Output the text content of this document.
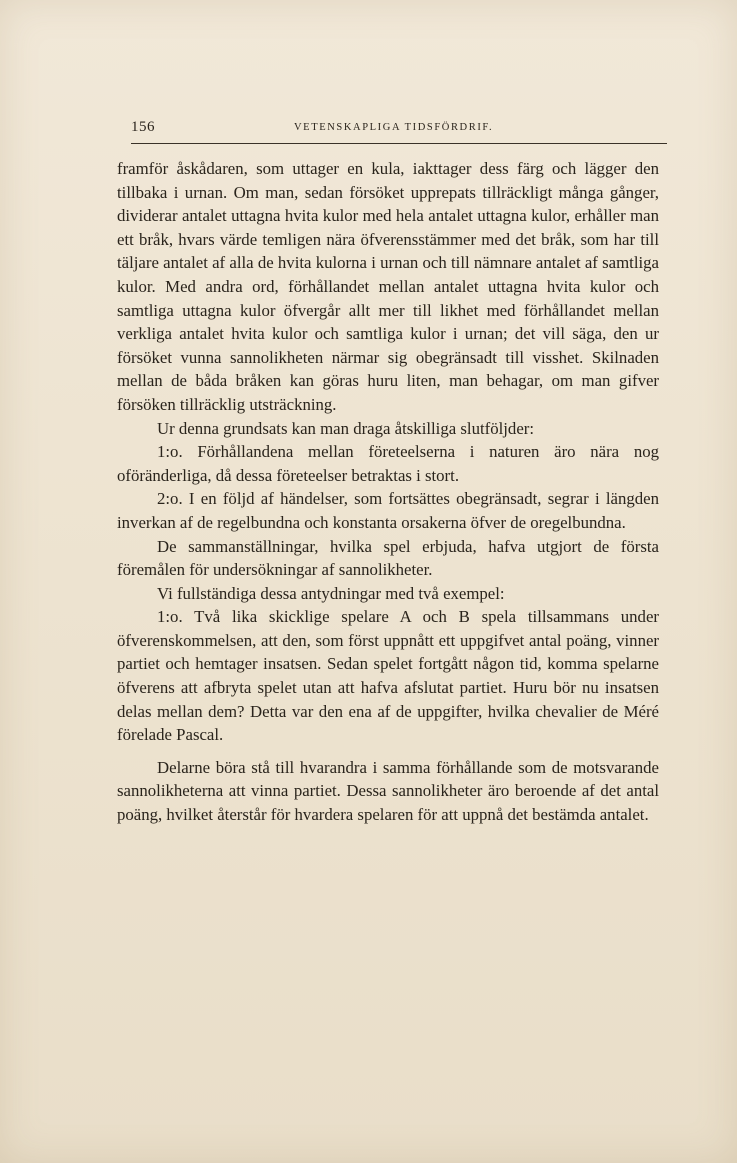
156	VETENSKAPLIGA TIDSFÖRDRIF.

framför åskådaren, som uttager en kula, iakttager dess färg och lägger den tillbaka i urnan. Om man, sedan försöket upprepats tillräckligt många gånger, dividerar antalet uttagna hvita kulor med hela antalet uttagna kulor, erhåller man ett bråk, hvars värde temligen nära öfverensstämmer med det bråk, som har till täljare antalet af alla de hvita kulorna i urnan och till nämnare antalet af samtliga kulor. Med andra ord, förhållandet mellan antalet uttagna hvita kulor och samtliga uttagna kulor öfvergår allt mer till likhet med förhållandet mellan verkliga antalet hvita kulor och samtliga kulor i urnan; det vill säga, den ur försöket vunna sannolikheten närmar sig obegränsadt till visshet. Skilnaden mellan de båda bråken kan göras huru liten, man behagar, om man gifver försöken tillräcklig utsträckning.

Ur denna grundsats kan man draga åtskilliga slutföljder:

1:o. Förhållandena mellan företeelserna i naturen äro nära nog oföränderliga, då dessa företeelser betraktas i stort.

2:o. I en följd af händelser, som fortsättes obegränsadt, segrar i längden inverkan af de regelbundna och konstanta orsakerna öfver de oregelbundna.

De sammanställningar, hvilka spel erbjuda, hafva utgjort de första föremålen för undersökningar af sannolikheter.

Vi fullständiga dessa antydningar med två exempel:

1:o. Två lika skicklige spelare A och B spela tillsammans under öfverenskommelsen, att den, som först uppnått ett uppgifvet antal poäng, vinner partiet och hemtager insatsen. Sedan spelet fortgått någon tid, komma spelarne öfverens att afbryta spelet utan att hafva afslutat partiet. Huru bör nu insatsen delas mellan dem? Detta var den ena af de uppgifter, hvilka chevalier de Méré förelade Pascal.

Delarne böra stå till hvarandra i samma förhållande som de motsvarande sannolikheterna att vinna partiet. Dessa sannolikheter äro beroende af det antal poäng, hvilket återstår för hvardera spelaren för att uppnå det bestämda antalet.
